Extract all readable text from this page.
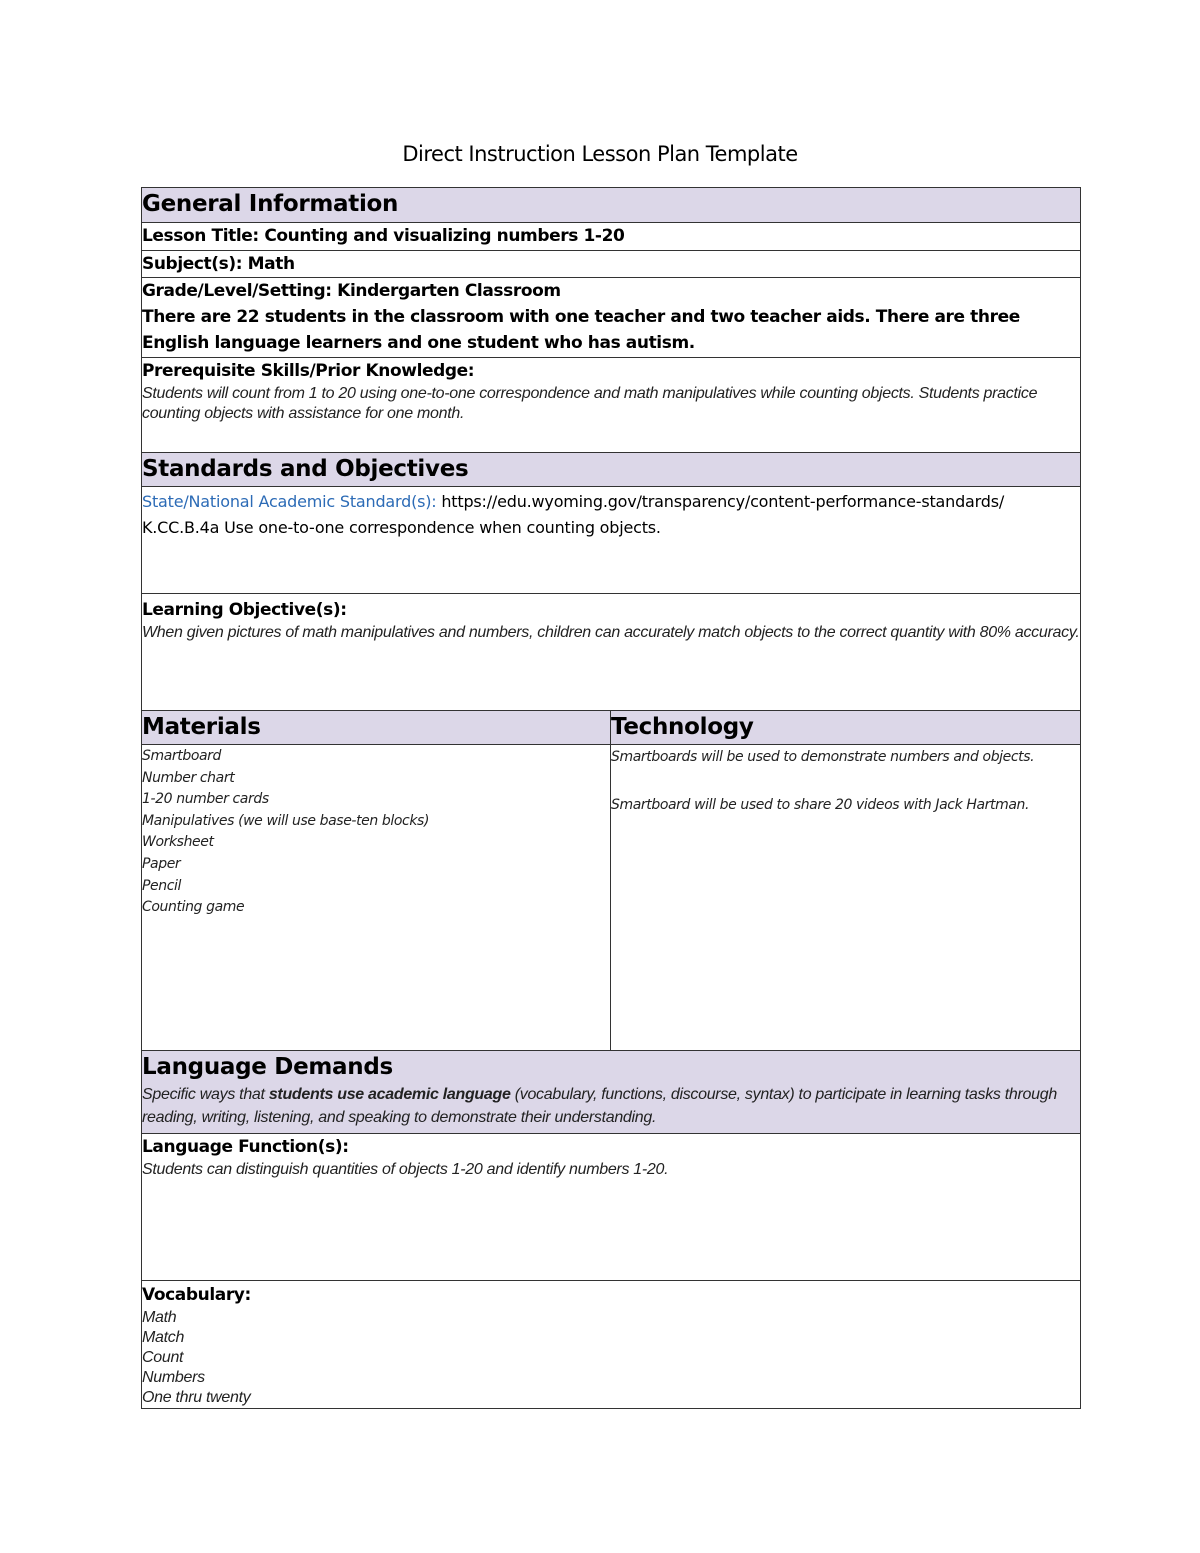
Direct Instruction Lesson Plan Template
General Information
Lesson Title: Counting and visualizing numbers 1-20
Subject(s): Math
Grade/Level/Setting: Kindergarten Classroom
There are 22 students in the classroom with one teacher and two teacher aids. There are three English language learners and one student who has autism.
Prerequisite Skills/Prior Knowledge:
Students will count from 1 to 20 using one-to-one correspondence and math manipulatives while counting objects. Students practice counting objects with assistance for one month.
Standards and Objectives
State/National Academic Standard(s): https://edu.wyoming.gov/transparency/content-performance-standards/
K.CC.B.4a Use one-to-one correspondence when counting objects.
Learning Objective(s):
When given pictures of math manipulatives and numbers, children can accurately match objects to the correct quantity with 80% accuracy.
Materials	Technology
Smartboard
Number chart
1-20 number cards
Manipulatives (we will use base-ten blocks)
Worksheet
Paper
Pencil
Counting game
Smartboards will be used to demonstrate numbers and objects.
Smartboard will be used to share 20 videos with Jack Hartman.
Language Demands
Specific ways that students use academic language (vocabulary, functions, discourse, syntax) to participate in learning tasks through reading, writing, listening, and speaking to demonstrate their understanding.
Language Function(s):
Students can distinguish quantities of objects 1-20 and identify numbers 1-20.
Vocabulary:
Math
Match
Count
Numbers
One thru twenty
